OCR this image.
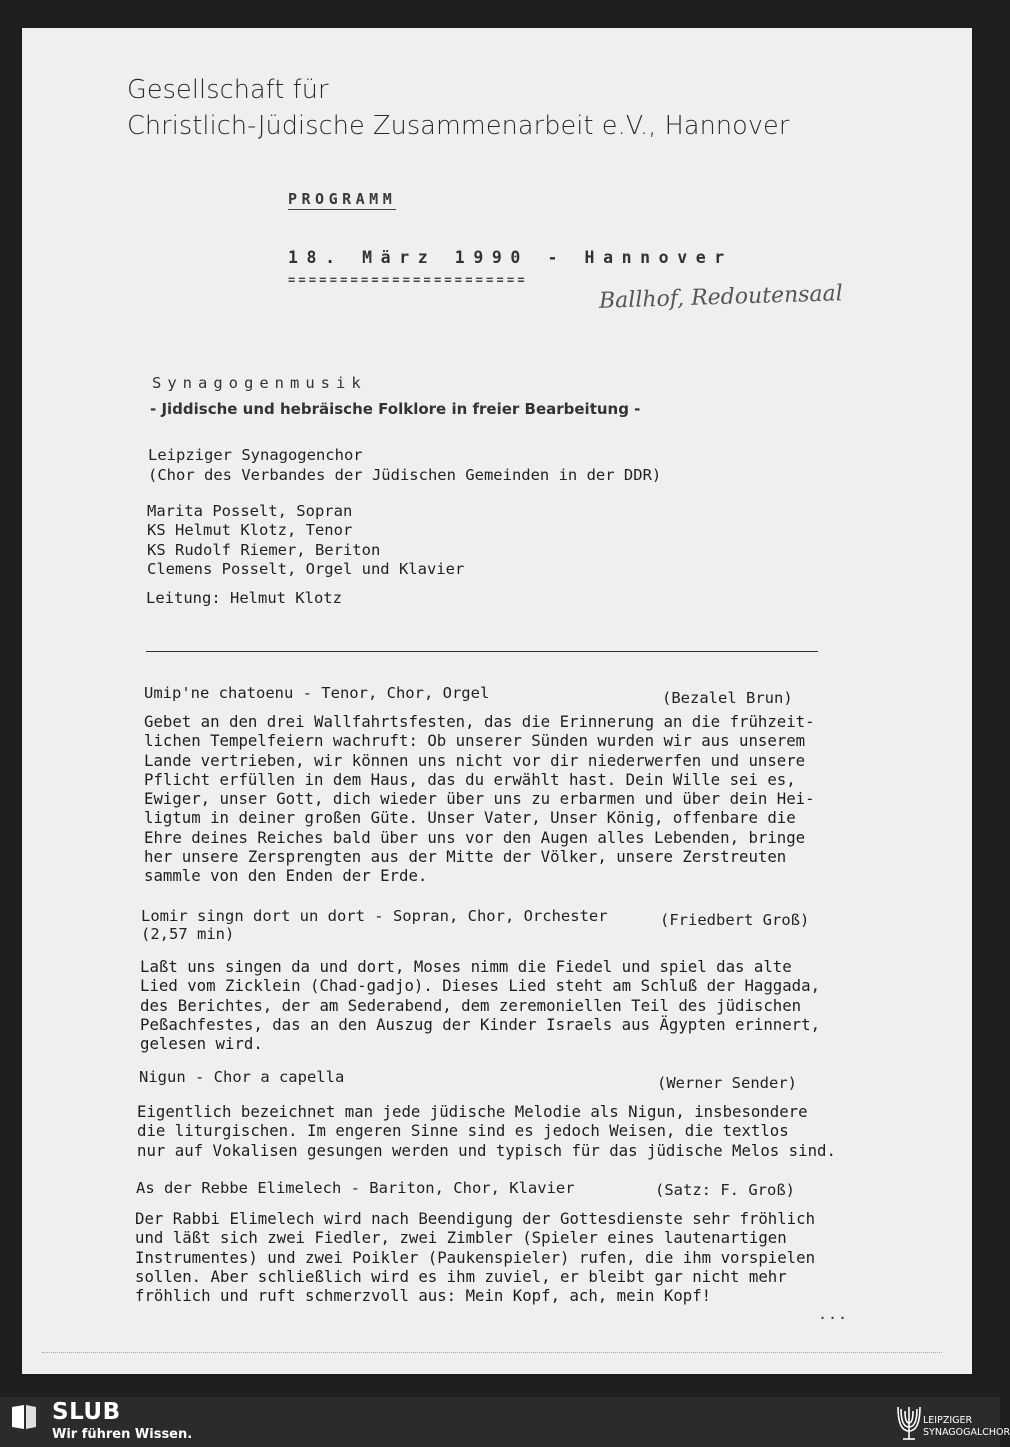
Gesellschaft für
Christlich-Jüdische Zusammenarbeit e.V., Hannover
PROGRAMM
18. März 1990 - Hannover
=======================
Ballhof, Redoutensaal
Synagogenmusik
- Jiddische und hebräische Folklore in freier Bearbeitung -
Leipziger Synagogenchor
(Chor des Verbandes der Jüdischen Gemeinden in der DDR)
Marita Posselt, Sopran
KS Helmut Klotz, Tenor
KS Rudolf Riemer, Beriton
Clemens Posselt, Orgel und Klavier
Leitung: Helmut Klotz
Umip'ne chatoenu - Tenor, Chor, Orgel	(Bezalel Brun)
Gebet an den drei Wallfahrtsfesten, das die Erinnerung an die frühzeit-
lichen Tempelfeiern wachruft: Ob unserer Sünden wurden wir aus unserem
Lande vertrieben, wir können uns nicht vor dir niederwerfen und unsere
Pflicht erfüllen in dem Haus, das du erwählt hast. Dein Wille sei es,
Ewiger, unser Gott, dich wieder über uns zu erbarmen und über dein Hei-
ligtum in deiner großen Güte. Unser Vater, Unser König, offenbare die
Ehre deines Reiches bald über uns vor den Augen alles Lebenden, bringe
her unsere Zersprengten aus der Mitte der Völker, unsere Zerstreuten
sammle von den Enden der Erde.
Lomir singn dort un dort - Sopran, Chor, Orchester	(Friedbert Groß)
(2,57 min)
Laßt uns singen da und dort, Moses nimm die Fiedel und spiel das alte
Lied vom Zicklein (Chad-gadjo). Dieses Lied steht am Schluß der Haggada,
des Berichtes, der am Sederabend, dem zeremoniellen Teil des jüdischen
Peßachfestes, das an den Auszug der Kinder Israels aus Ägypten erinnert,
gelesen wird.
Nigun - Chor a capella	(Werner Sender)
Eigentlich bezeichnet man jede jüdische Melodie als Nigun, insbesondere
die liturgischen. Im engeren Sinne sind es jedoch Weisen, die textlos
nur auf Vokalisen gesungen werden und typisch für das jüdische Melos sind.
As der Rebbe Elimelech - Bariton, Chor, Klavier	(Satz: F. Groß)
Der Rabbi Elimelech wird nach Beendigung der Gottesdienste sehr fröhlich
und läßt sich zwei Fiedler, zwei Zimbler (Spieler eines lautenartigen
Instrumentes) und zwei Poikler (Paukenspieler) rufen, die ihm vorspielen
sollen. Aber schließlich wird es ihm zuviel, er bleibt gar nicht mehr
fröhlich und ruft schmerzvoll aus: Mein Kopf, ach, mein Kopf!
...
SLUB
Wir führen Wissen.
LEIPZIGER
SYNAGOGALCHOR
